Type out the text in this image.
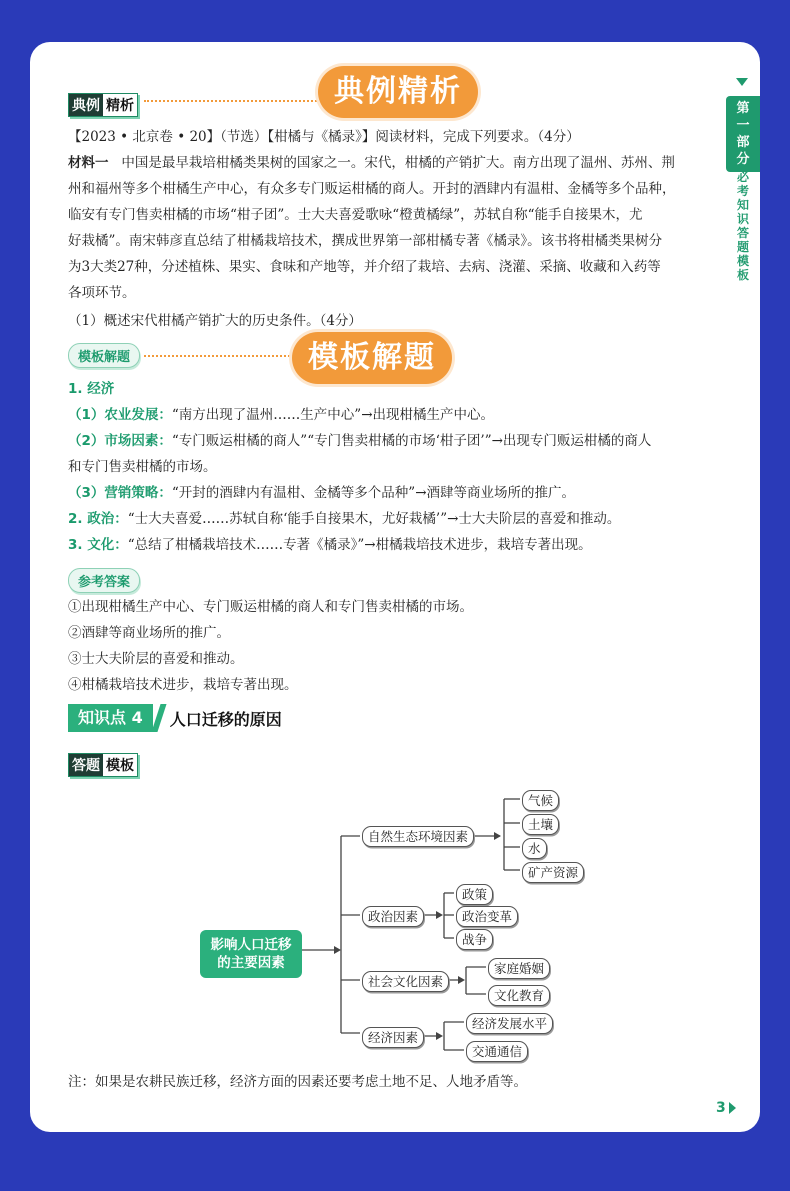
第
一
部
分
必
考
知
识
答
题
模
板
典例 精析	典例精析
【2023 • 北京卷 • 20】（节选）【柑橘与《橘录》】阅读材料，完成下列要求。（4分）
材料一 中国是最早栽培柑橘类果树的国家之一。宋代，柑橘的产销扩大。南方出现了温州、苏州、荆
州和福州等多个柑橘生产中心，有众多专门贩运柑橘的商人。开封的酒肆内有温柑、金橘等多个品种，
临安有专门售卖柑橘的市场“柑子团”。士大夫喜爱歌咏“橙黄橘绿”，苏轼自称“能手自接果木，尤
好栽橘”。南宋韩彦直总结了柑橘栽培技术，撰成世界第一部柑橘专著《橘录》。该书将柑橘类果树分
为3大类27种，分述植株、果实、食味和产地等，并介绍了栽培、去病、浇灌、采摘、收藏和入药等
各项环节。
（1）概述宋代柑橘产销扩大的历史条件。（4分）
模板解题	模板解题
1. 经济
（1）农业发展：“南方出现了温州……生产中心”→出现柑橘生产中心。
（2）市场因素：“专门贩运柑橘的商人”“专门售卖柑橘的市场‘柑子团’”→出现专门贩运柑橘的商人
和专门售卖柑橘的市场。
（3）营销策略：“开封的酒肆内有温柑、金橘等多个品种”→酒肆等商业场所的推广。
2. 政治：“士大夫喜爱……苏轼自称‘能手自接果木，尤好栽橘’”→士大夫阶层的喜爱和推动。
3. 文化：“总结了柑橘栽培技术……专著《橘录》”→柑橘栽培技术进步，栽培专著出现。
参考答案
①出现柑橘生产中心、专门贩运柑橘的商人和专门售卖柑橘的市场。
②酒肆等商业场所的推广。
③士大夫阶层的喜爱和推动。
④柑橘栽培技术进步，栽培专著出现。
知识点 4	人口迁移的原因
答题 模板
影响人口迁移
的主要因素
自然生态环境因素
气候
土壤
水
矿产资源
政治因素
政策
政治变革
战争
社会文化因素
家庭婚姻
文化教育
经济因素
经济发展水平
交通通信
注：如果是农耕民族迁移，经济方面的因素还要考虑土地不足、人地矛盾等。
3
